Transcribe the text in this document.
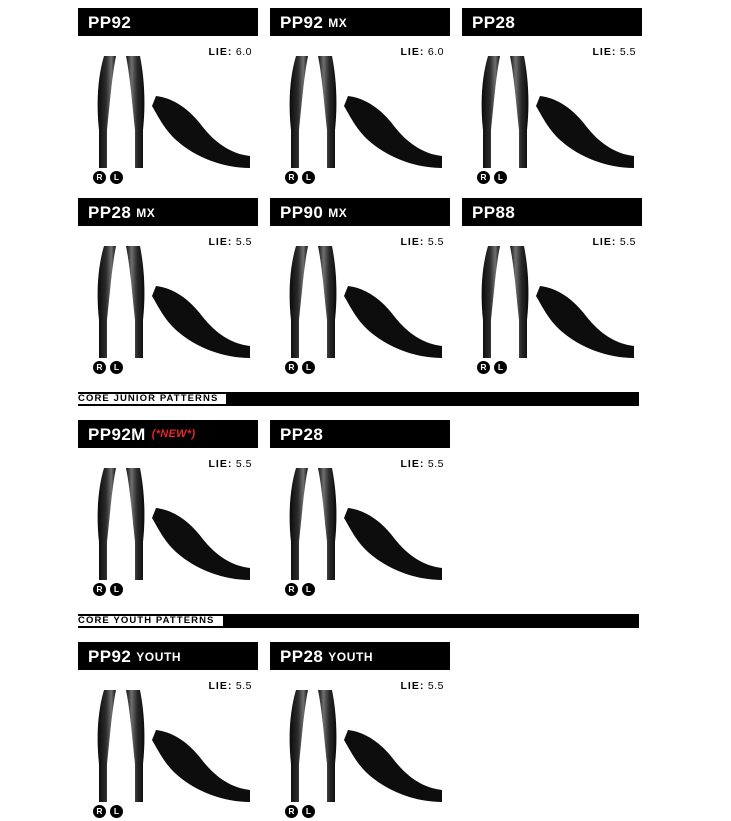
PP92
LIE: 6.0
R	L
PP92 MX
LIE: 6.0
R	L
PP28
LIE: 5.5
R	L
PP28 MX
LIE: 5.5
R	L
PP90 MX
LIE: 5.5
R	L
PP88
LIE: 5.5
R	L
CORE JUNIOR PATTERNS
PP92M (*NEW*)
LIE: 5.5
R	L
PP28
LIE: 5.5
R	L
CORE YOUTH PATTERNS
PP92 YOUTH
LIE: 5.5
R	L
PP28 YOUTH
LIE: 5.5
R	L
